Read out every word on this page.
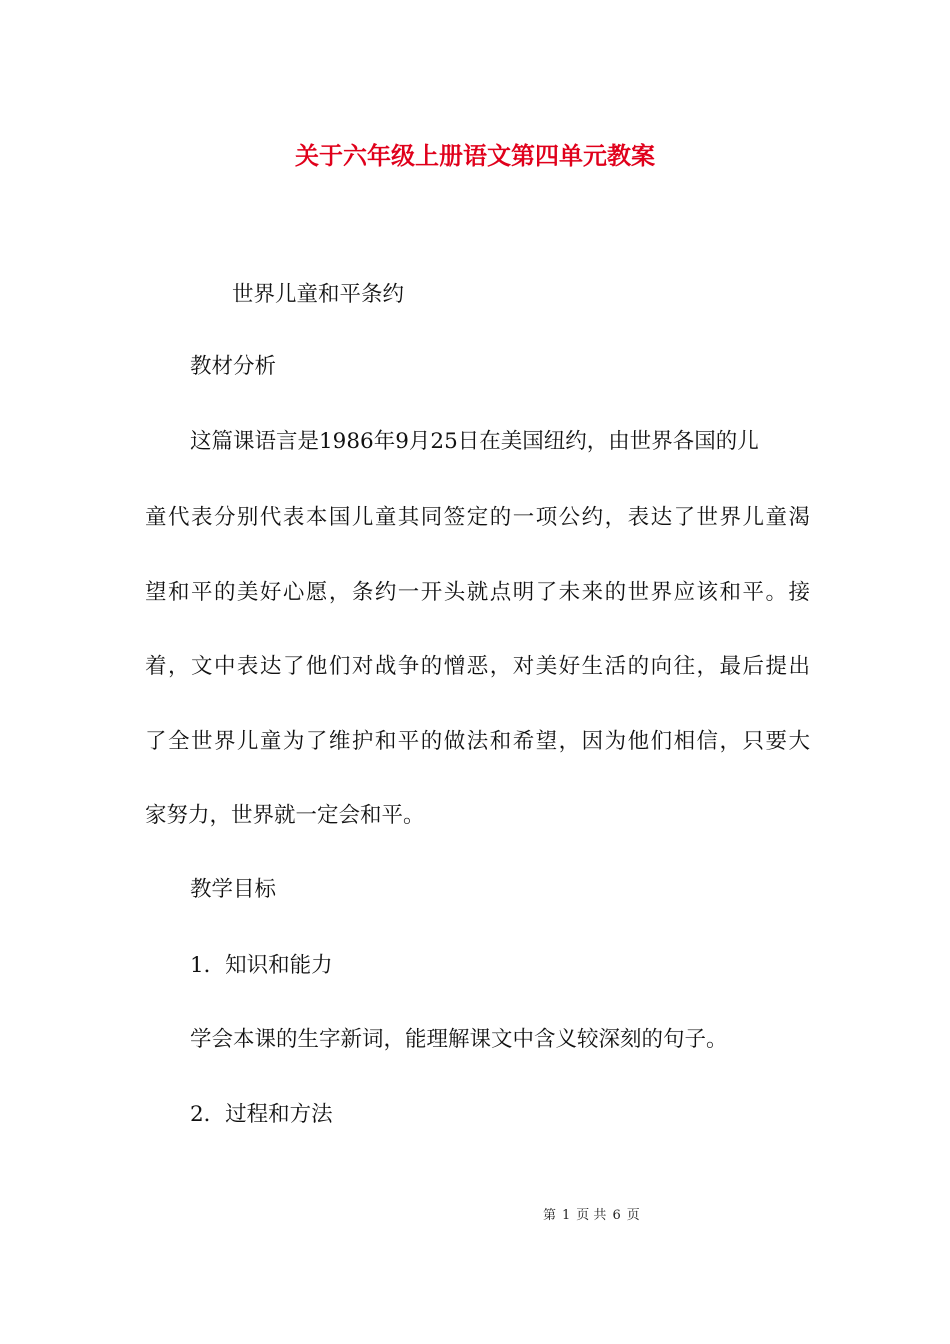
关于六年级上册语文第四单元教案
世界儿童和平条约
教材分析
这篇课语言是1986年9月25日在美国纽约，由世界各国的儿
童代表分别代表本国儿童其同签定的一项公约，表达了世界儿童渴
望和平的美好心愿，条约一开头就点明了未来的世界应该和平。接
着，文中表达了他们对战争的憎恶，对美好生活的向往，最后提出
了全世界儿童为了维护和平的做法和希望，因为他们相信，只要大
家努力，世界就一定会和平。
教学目标
1．知识和能力
学会本课的生字新词，能理解课文中含义较深刻的句子。
2．过程和方法
第 1 页 共 6 页
